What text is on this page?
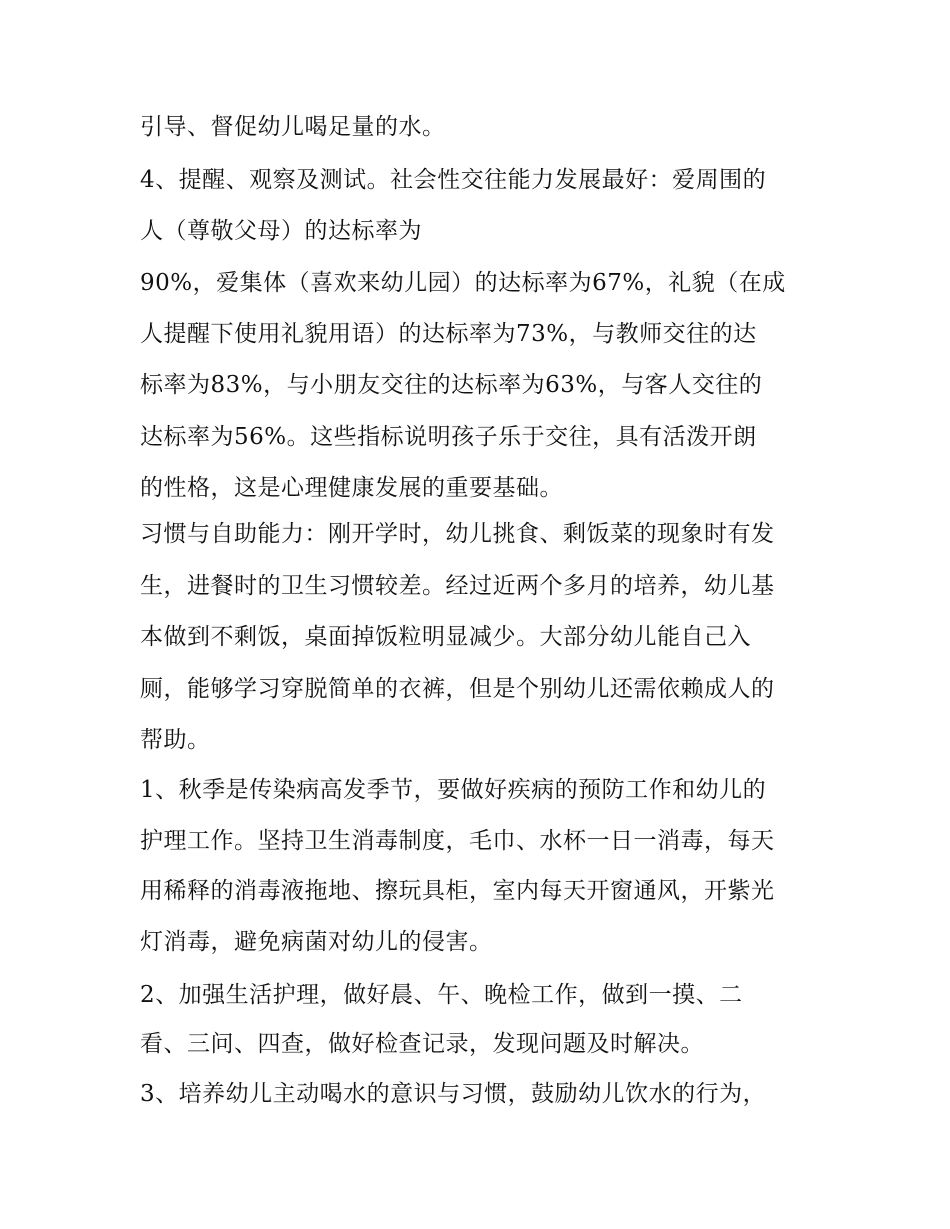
引导、督促幼儿喝足量的水。
4、提醒、观察及测试。社会性交往能力发展最好：爱周围的
人（尊敬父母）的达标率为
90%，爱集体（喜欢来幼儿园）的达标率为67%，礼貌（在成
人提醒下使用礼貌用语）的达标率为73%，与教师交往的达
标率为83%，与小朋友交往的达标率为63%，与客人交往的
达标率为56%。这些指标说明孩子乐于交往，具有活泼开朗
的性格，这是心理健康发展的重要基础。
习惯与自助能力：刚开学时，幼儿挑食、剩饭菜的现象时有发
生，进餐时的卫生习惯较差。经过近两个多月的培养，幼儿基
本做到不剩饭，桌面掉饭粒明显减少。大部分幼儿能自己入
厕，能够学习穿脱简单的衣裤，但是个别幼儿还需依赖成人的
帮助。
1、秋季是传染病高发季节，要做好疾病的预防工作和幼儿的
护理工作。坚持卫生消毒制度，毛巾、水杯一日一消毒，每天
用稀释的消毒液拖地、擦玩具柜，室内每天开窗通风，开紫光
灯消毒，避免病菌对幼儿的侵害。
2、加强生活护理，做好晨、午、晚检工作，做到一摸、二
看、三问、四查，做好检查记录，发现问题及时解决。
3、培养幼儿主动喝水的意识与习惯，鼓励幼儿饮水的行为，
